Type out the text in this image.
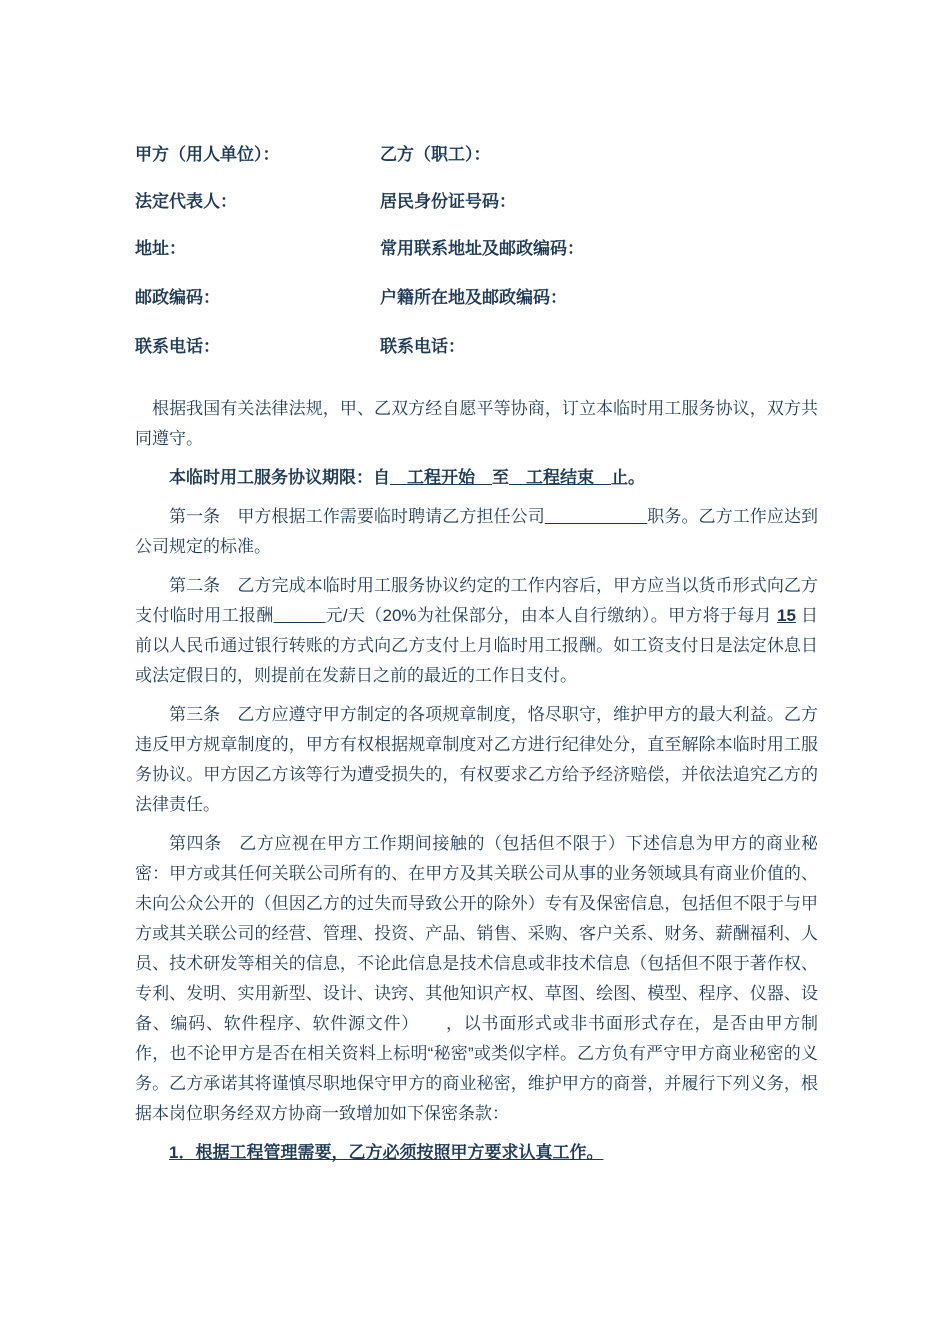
甲方（用人单位）：	乙方（职工）：
法定代表人：	居民身份证号码：
地址：	常用联系地址及邮政编码：
邮政编码：	户籍所在地及邮政编码：
联系电话：	联系电话：

根据我国有关法律法规，甲、乙双方经自愿平等协商，订立本临时用工服务协议，双方共同遵守。

本临时用工服务协议期限：自　工程开始　至　工程结束　止。

第一条　甲方根据工作需要临时聘请乙方担任公司　　　　　　	职务。乙方工作应达到公司规定的标准。

第二条　乙方完成本临时用工服务协议约定的工作内容后，甲方应当以货币形式向乙方支付临时用工报酬　　　	元/天（20%为社保部分，由本人自行缴纳）。甲方将于每月 15 日前以人民币通过银行转账的方式向乙方支付上月临时用工报酬。如工资支付日是法定休息日或法定假日的，则提前在发薪日之前的最近的工作日支付。

第三条　乙方应遵守甲方制定的各项规章制度，恪尽职守，维护甲方的最大利益。乙方违反甲方规章制度的，甲方有权根据规章制度对乙方进行纪律处分，直至解除本临时用工服务协议。甲方因乙方该等行为遭受损失的，有权要求乙方给予经济赔偿，并依法追究乙方的法律责任。

第四条　乙方应视在甲方工作期间接触的（包括但不限于）下述信息为甲方的商业秘密：甲方或其任何关联公司所有的、在甲方及其关联公司从事的业务领域具有商业价值的、未向公众公开的（但因乙方的过失而导致公开的除外）专有及保密信息，包括但不限于与甲方或其关联公司的经营、管理、投资、产品、销售、采购、客户关系、财务、薪酬福利、人员、技术研发等相关的信息，不论此信息是技术信息或非技术信息（包括但不限于著作权、专利、发明、实用新型、设计、诀窍、其他知识产权、草图、绘图、模型、程序、仪器、设备、编码、软件程序、软件源文件）　　，以书面形式或非书面形式存在，是否由甲方制作，也不论甲方是否在相关资料上标明“秘密”或类似字样。乙方负有严守甲方商业秘密的义务。乙方承诺其将谨慎尽职地保守甲方的商业秘密，维护甲方的商誉，并履行下列义务，根据本岗位职务经双方协商一致增加如下保密条款：

1．根据工程管理需要，乙方必须按照甲方要求认真工作。
